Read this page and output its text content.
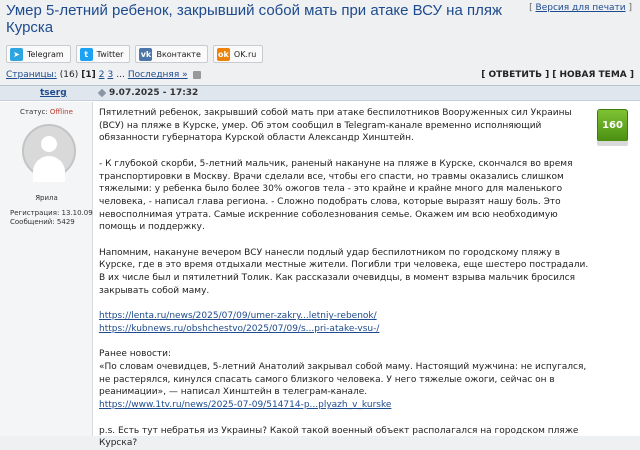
Умер 5-летний ребенок, закрывший собой мать при атаке ВСУ на пляж Курска
[ Версия для печати ]
➤ Telegram	t	Twitter vk Вконтакте ok OK.ru
Страницы: (16) [1] 2 3 ... Последняя »	[ ОТВЕТИТЬ ] [ НОВАЯ ТЕМА ]
tserg	9.07.2025 - 17:32
Статус: Offline
Ярила
Регистрация: 13.10.09
Сообщений: 5429

Пятилетний ребенок, закрывший собой мать при атаке беспилотников Вооруженных сил Украины (ВСУ) на пляже в Курске, умер. Об этом сообщил в Telegram-канале временно исполняющий обязанности губернатора Курской области Александр Хинштейн.

- К глубокой скорби, 5-летний мальчик, раненый накануне на пляже в Курске, скончался во время транспортировки в Москву. Врачи сделали все, чтобы его спасти, но травмы оказались слишком тяжелыми: у ребенка было более 30% ожогов тела - это крайне и крайне много для маленького человека, - написал глава региона. - Сложно подобрать слова, которые выразят нашу боль. Это невосполнимая утрата. Самые искренние соболезнования семье. Окажем им всю необходимую помощь и поддержку.

Напомним, накануне вечером ВСУ нанесли подлый удар беспилотником по городскому пляжу в Курске, где в это время отдыхали местные жители. Погибли три человека, еще шестеро пострадали. В их числе был и пятилетний Толик. Как рассказали очевидцы, в момент взрыва мальчик бросился закрывать собой маму.

https://lenta.ru/news/2025/07/09/umer-zakry...letniy-rebenok/

https://kubnews.ru/obshchestvo/2025/07/09/s...pri-atake-vsu-/

Ранее новости:
«По словам очевидцев, 5-летний Анатолий закрывал собой маму. Настоящий мужчина: не испугался, не растерялся, кинулся спасать самого близкого человека. У него тяжелые ожоги, сейчас он в реанимации», — написал Хинштейн в телеграм-канале.
https://www.1tv.ru/news/2025-07-09/514714-p...plyazh_v_kurske
p.s. Есть тут небратья из Украины? Какой такой военный объект располагался на городском пляже Курска?
160
